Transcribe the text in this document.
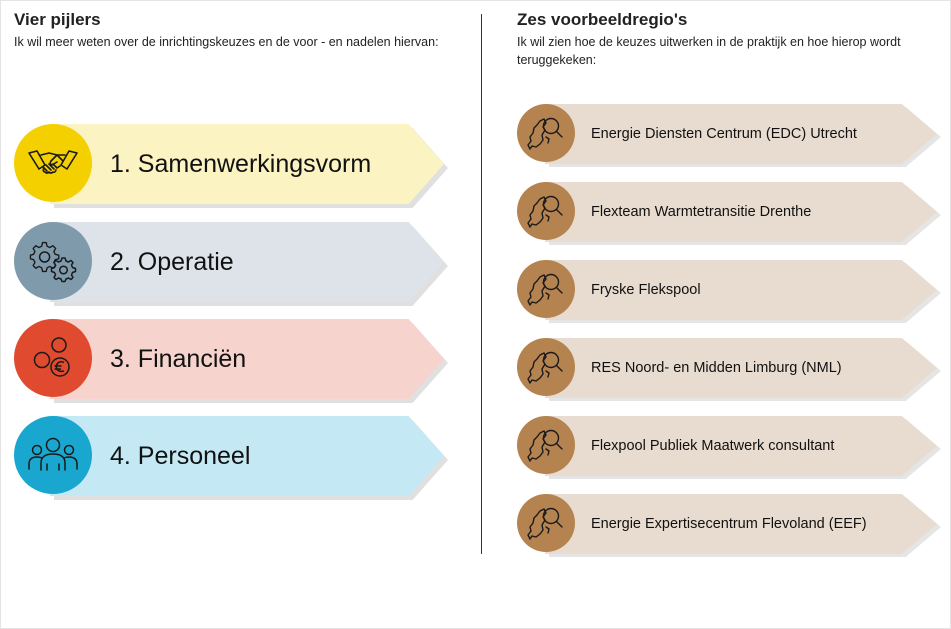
Vier pijlers

Ik wil meer weten over de inrichtingskeuzes en de voor - en nadelen hiervan:

Zes voorbeeldregio's

Ik wil zien hoe de keuzes uitwerken in de praktijk en hoe hierop wordt teruggekeken:

1. Samenwerkingsvorm
2. Operatie
3. Financiën
4. Personeel
Energie Diensten Centrum (EDC) Utrecht
Flexteam Warmtetransitie Drenthe
Fryske Flekspool
RES Noord- en Midden Limburg (NML)
Flexpool Publiek Maatwerk consultant
Energie Expertisecentrum Flevoland (EEF)
